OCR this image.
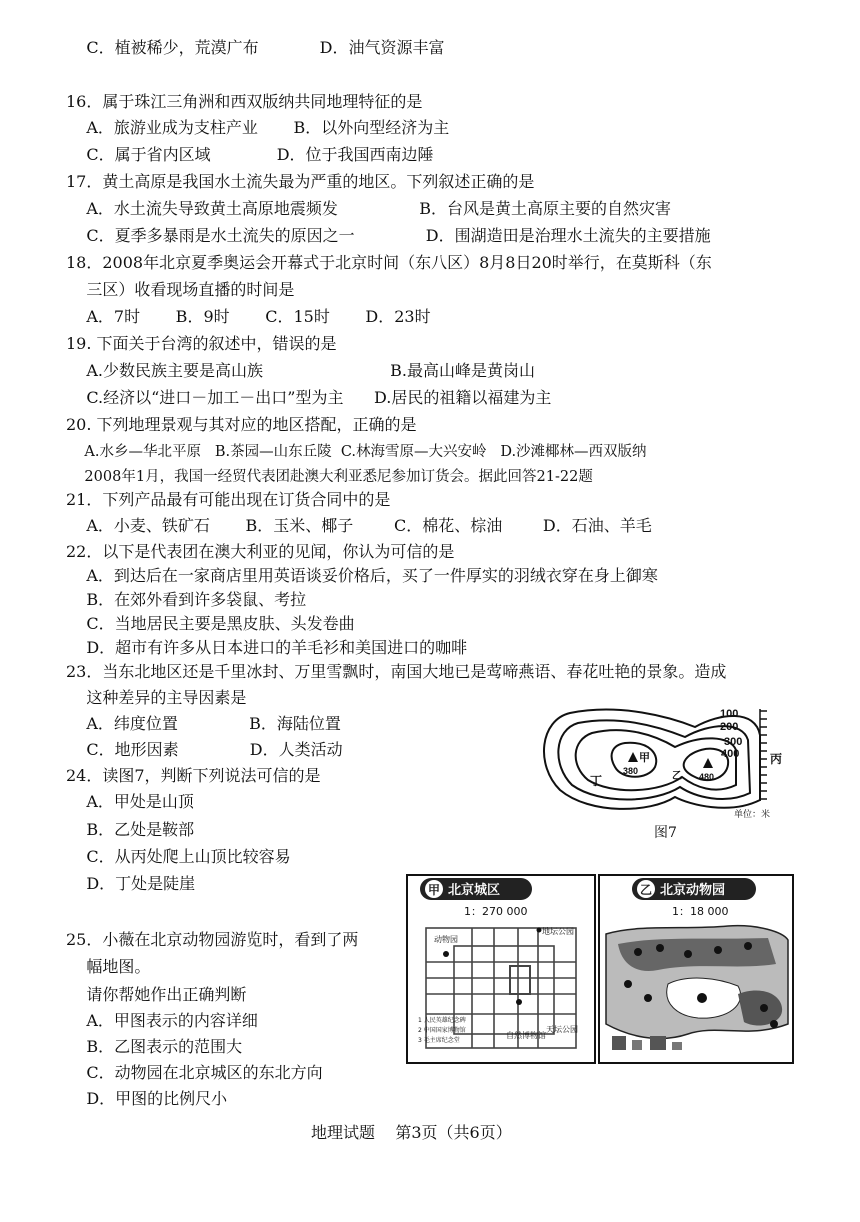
C．植被稀少，荒漠广布            D．油气资源丰富
16．属于珠江三角洲和西双版纳共同地理特征的是
A．旅游业成为支柱产业       B．以外向型经济为主
C．属于省内区域             D．位于我国西南边陲
17．黄土高原是我国水土流失最为严重的地区。下列叙述正确的是
A．水土流失导致黄土高原地震频发                B．台风是黄土高原主要的自然灾害
C．夏季多暴雨是水土流失的原因之一              D．围湖造田是治理水土流失的主要措施
18．2008年北京夏季奥运会开幕式于北京时间（东八区）8月8日20时举行，在莫斯科（东
三区）收看现场直播的时间是
A．7时       B．9时       C．15时       D．23时
19. 下面关于台湾的叙述中，错误的是
A.少数民族主要是高山族                         B.最高山峰是黄岗山
C.经济以“进口－加工－出口”型为主      D.居民的祖籍以福建为主
20. 下列地理景观与其对应的地区搭配，正确的是
A.水乡—华北平原   B.茶园—山东丘陵  C.林海雪原—大兴安岭   D.沙滩椰林—西双版纳
2008年1月，我国一经贸代表团赴澳大利亚悉尼参加订货会。据此回答21-22题
21．下列产品最有可能出现在订货合同中的是
A．小麦、铁矿石       B．玉米、椰子        C．棉花、棕油        D．石油、羊毛
22．以下是代表团在澳大利亚的见闻，你认为可信的是
A．到达后在一家商店里用英语谈妥价格后，买了一件厚实的羽绒衣穿在身上御寒
B．在郊外看到许多袋鼠、考拉
C．当地居民主要是黑皮肤、头发卷曲
D．超市有许多从日本进口的羊毛衫和美国进口的咖啡
23．当东北地区还是千里冰封、万里雪飘时，南国大地已是莺啼燕语、春花吐艳的景象。造成
这种差异的主导因素是
A．纬度位置              B．海陆位置
C．地形因素              D．人类活动
24．读图7，判断下列说法可信的是
A．甲处是山顶
B．乙处是鞍部
C．从丙处爬上山顶比较容易
D．丁处是陡崖
25．小薇在北京动物园游览时，看到了两
幅地图。
请你帮她作出正确判断
A．甲图表示的内容详细
B．乙图表示的范围大
C．动物园在北京城区的东北方向
D．甲图的比例尺小
100
200
300
400
甲
380
480
乙
丙
丁
单位：米
图7
甲 北京城区
1：270 000
动物园
地坛公园
自然博物馆
天坛公园
1 人民英雄纪念碑
2 中国国家博物馆
3 毛主席纪念堂
乙 北京动物园
1：18 000
地理试题    第3页（共6页）
